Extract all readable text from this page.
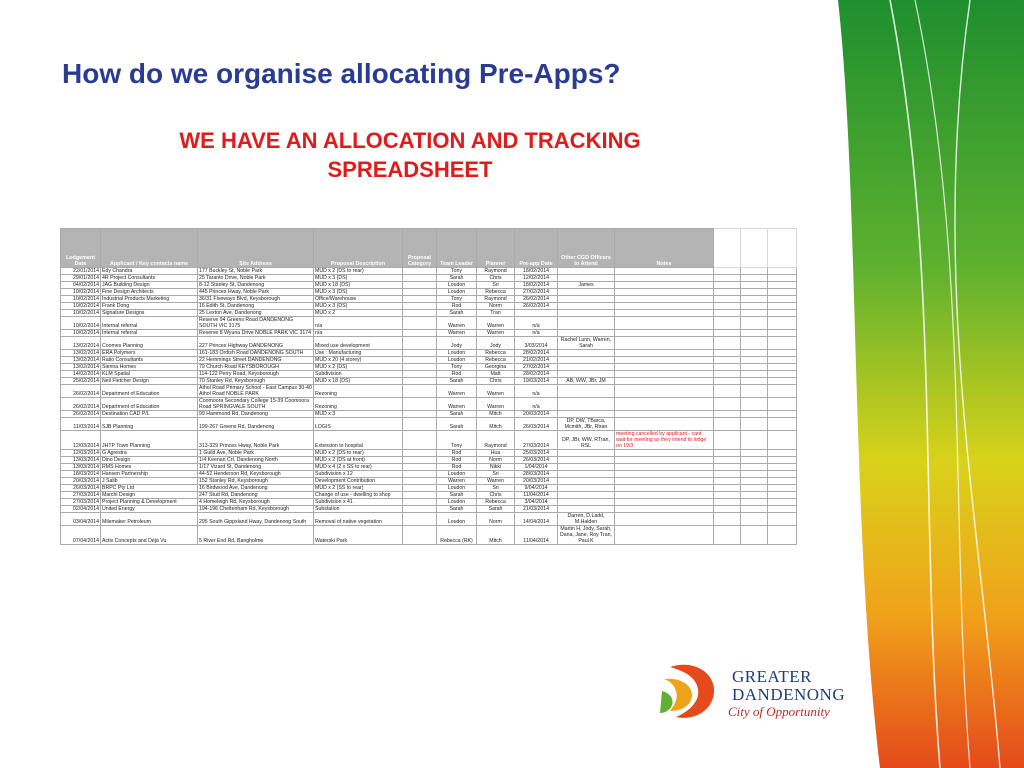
How do we organise allocating Pre-Apps?
WE HAVE AN ALLOCATION AND TRACKING
SPREADSHEET
Lodgement Date	Applicant / Key contacts name	Site Address	Proposal Description	Proposal Category	Team Leader	Planner	Pre-app Date	Other CGD Officers to Attend	Notes			
22/01/2014	Edy Chandra	177 Buckley St, Noble Park	MUD x 2 (DS to rear)		Tony	Raymond	18/02/2014					
29/01/2014	4R Project Consultants	25 Taranto Drive, Noble Park	MUD x 3 (DS)		Sarah	Chris	12/02/2014					
04/02/2014	JAG Building Design	8-12 Stanley St, Dandenong	MUD x 18 (DS)		Loudon	Sri	18/02/2014	James				
10/02/2014	Fine Design Architects	445 Princes Hway, Noble Park	MUD x 3 (DS)		Loudon	Rebecca	27/02/2014					
10/02/2014	Industrial Products Marketing	36/31 Fiveways Blvd, Keysborough	Office/Warehouse		Tony	Raymond	26/02/2014					
10/02/2014	Frank Dong	16 Edith St, Dandenong	MUD x 3 (DS)		Rod	Norm	26/02/2014					
10/02/2014	Signature Designs	25 Lexton Ave, Dandenong	MUD x 2		Sarah	Tran						
10/02/2014	Internal referral	Reserve 94 Greens Road DANDENONG SOUTH VIC 3175	n/a		Warren	Warren	n/a					
10/02/2014	Internal referral	Reserve 8 Wyuna Drive NOBLE PARK VIC 3174	n/a		Warren	Warren	n/a					
13/02/2014	Coomes Planning	227 Princes Highway DANDENONG	Mixed use development		Jody	Jody	3/03/2014	Rachel Lunn, Warren, Sarah				
13/02/2014	ERA Polymers	161-183 Ordish Road DANDENONG SOUTH	Use : Manufacturing		Loudon	Rebecca	28/02/2014					
13/02/2014	Ratio Consultants	22 Hemmings Street DANDENONG	MUD x 20 (4 storey)		Loudon	Rebecca	21/02/2014					
13/02/2014	Sienna Homes	79 Church Road KEYSBOROUGH	MUD x 2 (DS)		Tony	Georgina	27/02/2014					
14/02/2014	KLM Spatial	114-122 Perry Road, Keysborough	Subdivision		Rod	Matt	28/02/2014					
25/02/2014	Neil Fletcher Design	70 Stanley Rd, Keysborough	MUD x 18 (DS)		Sarah	Chris	19/03/2014	AB, WW, JBr, JM				
26/02/2014	Department of Education	Athol Road Primary School - East Campus 30-40 Athol Road NOBLE PARK	Rezoning		Warren	Warren	n/a					
26/02/2014	Department of Education	Coomoora Secondary College 15-39 Coomoora Road SPRINGVALE SOUTH	Rezoning		Warren	Warren	n/a					
26/02/2014	Destination CAD P/L	99 Hammond Rd, Dandenong	MUD x 3		Sarah	Mitch	20/03/2014					
11/03/2014	SJB Planning	199-267 Greens Rd, Dandenong	LOGIS		Sarah	Mitch	26/03/2014	DP, DW, TBarca, Mcmith, JBr, Rtran				
12/03/2014	JHTP Town Planning	313-329 Princes Hway, Noble Park	Extension to hospital		Tony	Raymond	27/03/2014	DP, JBr, WW, RTran, RSL	meeting cancelled by applicant - cant wait for meeting as they intend to lodge on 19/3			
12/03/2014	G Agrestra	1 Guild Ave, Noble Park	MUD x 2 (DS to rear)		Rod	Hua	25/03/2014					
13/03/2014	Dino Design	1/4 Keenan Crt, Dandenong North	MUD x 2 (DS at front)		Rod	Norm	26/03/2014					
13/03/2014	RMS Homes	1/17 Vizard St, Dandenong	MUD x 4 (2 x SS to rear)		Rod	Nikki	1/04/2014					
18/03/2014	Hansen Partnership	44-52 Henderson Rd, Keysborough	Subdivision x 12		Loudon	Sri	28/03/2014					
20/03/2014	J Salib	152 Stanley Rd, Keysborough	Development Contribution		Warren	Warren	20/03/2014					
26/03/2014	BRPC Pty Ltd	16 Birdwood Ave, Dandenong	MUD x 2 (SS to rear)		Loudon	Sri	9/04/2014					
27/03/2014	Marchi Design	247 Stud Rd, Dandenong	Change of use - dwelling to shop		Sarah	Chris	11/04/2014					
27/03/2014	Project Planning & Development	4 Homeleigh Rd, Keysborough	Subdivision x 41		Loudon	Rebecca	3/04/2014					
02/04/2014	United Energy	194-196 Cheltenham Rd, Keysborough	Substation		Sarah	Sarah	21/03/2014					
03/04/2014	Milemaker Petroleum	295 South Gippsland Hway, Dandenong South	Removal of native vegetation		Loudon	Norm	14/04/2014	Darren, D.Ladd, M.Halden				
07/04/2014	Activ Concepts and Déjà Vu	5 River End Rd, Bangholme	Waterski Park		Rebecca (RK)	Mitch	11/04/2014	Martin H, Jody, Sarah, Dana, Jane, Roy Tran, Paul K				
GREATER
DANDENONG
City of Opportunity
